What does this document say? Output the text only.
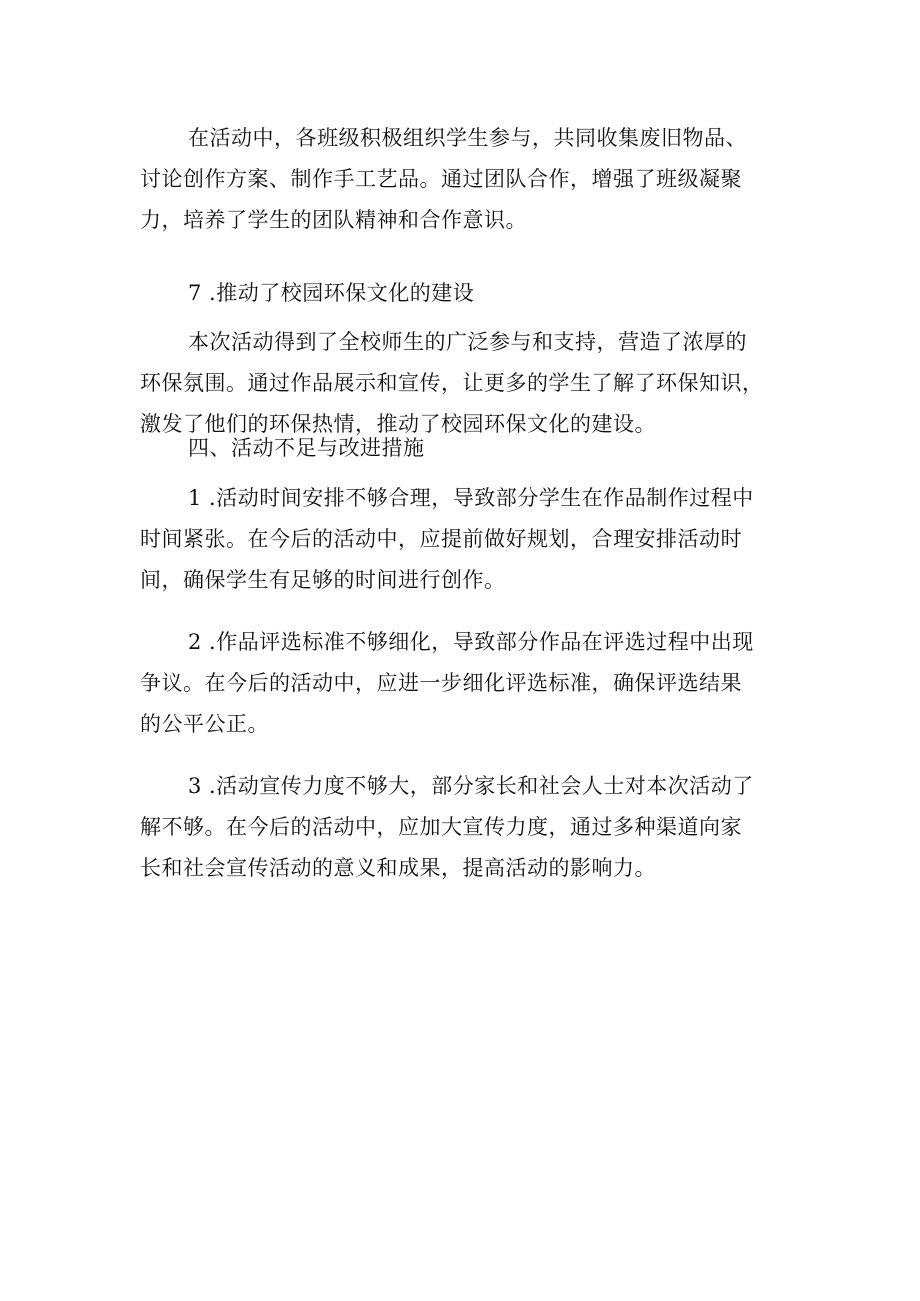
在活动中，各班级积极组织学生参与，共同收集废旧物品、
讨论创作方案、制作手工艺品。通过团队合作，增强了班级凝聚
力，培养了学生的团队精神和合作意识。

7 .推动了校园环保文化的建设

本次活动得到了全校师生的广泛参与和支持，营造了浓厚的
环保氛围。通过作品展示和宣传，让更多的学生了解了环保知识，
激发了他们的环保热情，推动了校园环保文化的建设。

四、活动不足与改进措施

1 .活动时间安排不够合理，导致部分学生在作品制作过程中
时间紧张。在今后的活动中，应提前做好规划，合理安排活动时
间，确保学生有足够的时间进行创作。

2 .作品评选标准不够细化，导致部分作品在评选过程中出现
争议。在今后的活动中，应进一步细化评选标准，确保评选结果
的公平公正。

3 .活动宣传力度不够大，部分家长和社会人士对本次活动了
解不够。在今后的活动中，应加大宣传力度，通过多种渠道向家
长和社会宣传活动的意义和成果，提高活动的影响力。
